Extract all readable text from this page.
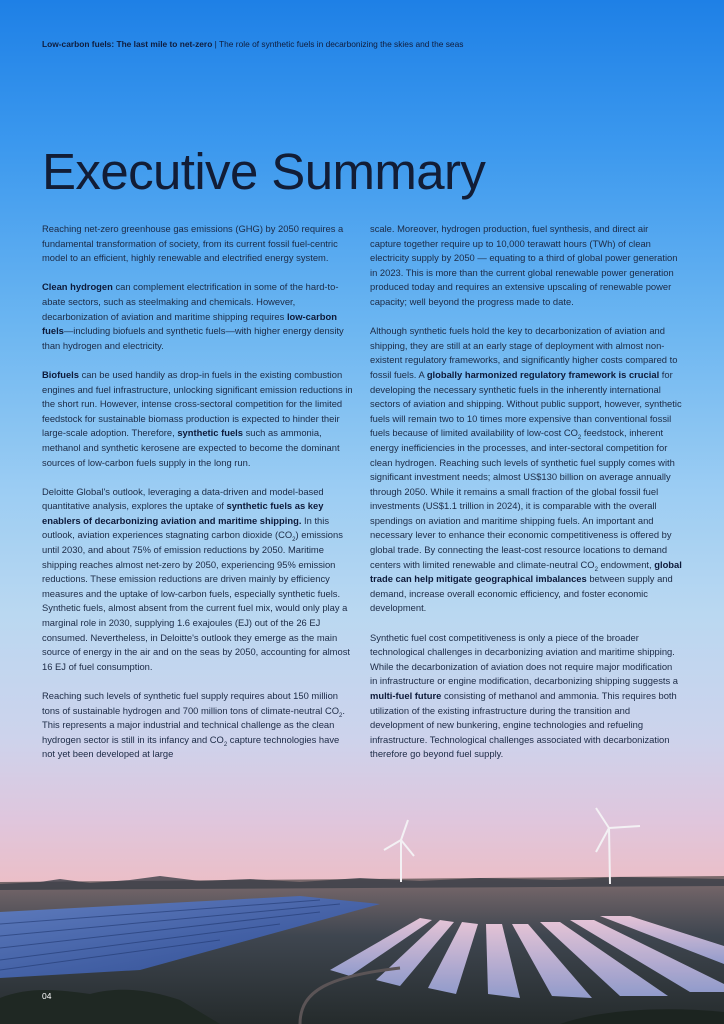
Low-carbon fuels: The last mile to net-zero | The role of synthetic fuels in decarbonizing the skies and the seas
Executive Summary

Reaching net-zero greenhouse gas emissions (GHG) by 2050 requires a fundamental transformation of society, from its current fossil fuel-centric model to an efficient, highly renewable and electrified energy system.

Clean hydrogen can complement electrification in some of the hard-to-abate sectors, such as steelmaking and chemicals. However, decarbonization of aviation and maritime shipping requires low-carbon fuels—including biofuels and synthetic fuels—with higher energy density than hydrogen and electricity.

Biofuels can be used handily as drop-in fuels in the existing combustion engines and fuel infrastructure, unlocking significant emission reductions in the short run. However, intense cross-sectoral competition for the limited feedstock for sustainable biomass production is expected to hinder their large-scale adoption. Therefore, synthetic fuels such as ammonia, methanol and synthetic kerosene are expected to become the dominant sources of low-carbon fuels supply in the long run.

Deloitte Global's outlook, leveraging a data-driven and model-based quantitative analysis, explores the uptake of synthetic fuels as key enablers of decarbonizing aviation and maritime shipping. In this outlook, aviation experiences stagnating carbon dioxide $(CO_2)$ emissions until 2030, and about 75% of emission reductions by 2050. Maritime shipping reaches almost net-zero by 2050, experiencing 95% emission reductions. These emission reductions are driven mainly by efficiency measures and the uptake of low-carbon fuels, especially synthetic fuels. Synthetic fuels, almost absent from the current fuel mix, would only play a marginal role in 2030, supplying 1.6 exajoules (EJ) out of the 26 EJ consumed. Nevertheless, in Deloitte's outlook they emerge as the main source of energy in the air and on the seas by 2050, accounting for almost 16 EJ of fuel consumption.

Reaching such levels of synthetic fuel supply requires about 150 million tons of sustainable hydrogen and 700 million tons of climate-neutral $CO_2$. This represents a major industrial and technical challenge as the clean hydrogen sector is still in its infancy and $CO_2$ capture technologies have not yet been developed at large

scale. Moreover, hydrogen production, fuel synthesis, and direct air capture together require up to 10,000 terawatt hours (TWh) of clean electricity supply by 2050 — equating to a third of global power generation in 2023. This is more than the current global renewable power generation produced today and requires an extensive upscaling of renewable power capacity; well beyond the progress made to date.

Although synthetic fuels hold the key to decarbonization of aviation and shipping, they are still at an early stage of deployment with almost non-existent regulatory frameworks, and significantly higher costs compared to fossil fuels. A globally harmonized regulatory framework is crucial for developing the necessary synthetic fuels in the inherently international sectors of aviation and shipping. Without public support, however, synthetic fuels will remain two to 10 times more expensive than conventional fossil fuels because of limited availability of low-cost $CO_2$ feedstock, inherent energy inefficiencies in the processes, and inter-sectoral competition for clean hydrogen. Reaching such levels of synthetic fuel supply comes with significant investment needs; almost US$130 billion on average annually through 2050. While it remains a small fraction of the global fossil fuel investments (US$1.1 trillion in 2024), it is comparable with the overall spendings on aviation and maritime shipping fuels. An important and necessary lever to enhance their economic competitiveness is offered by global trade. By connecting the least-cost resource locations to demand centers with limited renewable and climate-neutral $CO_2$ endowment, global trade can help mitigate geographical imbalances between supply and demand, increase overall economic efficiency, and foster economic development.

Synthetic fuel cost competitiveness is only a piece of the broader technological challenges in decarbonizing aviation and maritime shipping. While the decarbonization of aviation does not require major modification in infrastructure or engine modification, decarbonizing shipping suggests a multi-fuel future consisting of methanol and ammonia. This requires both utilization of the existing infrastructure during the transition and development of new bunkering, engine technologies and refueling infrastructure. Technological challenges associated with decarbonization therefore go beyond fuel supply.

04
